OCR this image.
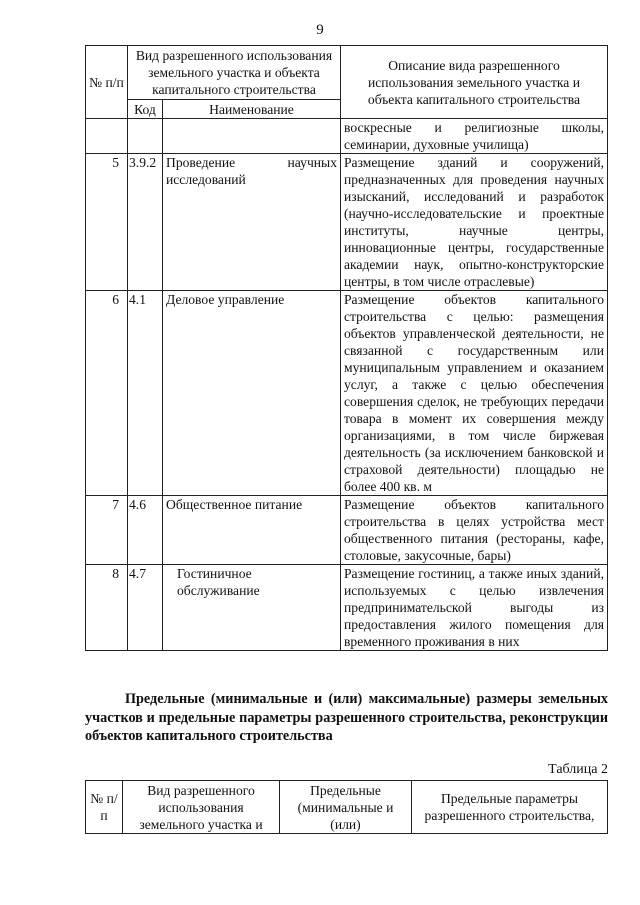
9
№ п/п	Вид разрешенного использования земельного участка и объекта капитального строительства		Описание вида разрешенного использования земельного участка и объекта капитального строительства
	Код	Наименование	
			воскресные и религиозные школы, семинарии, духовные училища)
5	3.9.2	Проведение научных исследований	Размещение зданий и сооружений, предназначенных для проведения научных изысканий, исследований и разработок (научно-исследовательские и проектные институты, научные центры, инновационные центры, государственные академии наук, опытно-конструкторские центры, в том числе отраслевые)
6	4.1	Деловое управление	Размещение объектов капитального строительства с целью: размещения объектов управленческой деятельности, не связанной с государственным или муниципальным управлением и оказанием услуг, а также с целью обеспечения совершения сделок, не требующих передачи товара в момент их совершения между организациями, в том числе биржевая деятельность (за исключением банковской и страховой деятельности) площадью не более 400 кв. м
7	4.6	Общественное питание	Размещение объектов капитального строительства в целях устройства мест общественного питания (рестораны, кафе, столовые, закусочные, бары)
8	4.7	Гостиничное обслуживание	Размещение гостиниц, а также иных зданий, используемых с целью извлечения предпринимательской выгоды из предоставления жилого помещения для временного проживания в них
Предельные (минимальные и (или) максимальные) размеры земельных участков и предельные параметры разрешенного строительства, реконструкции объектов капитального строительства
Таблица 2
№ п/п	Вид разрешенного использования земельного участка и	Предельные (минимальные и (или)	Предельные параметры разрешенного строительства,
